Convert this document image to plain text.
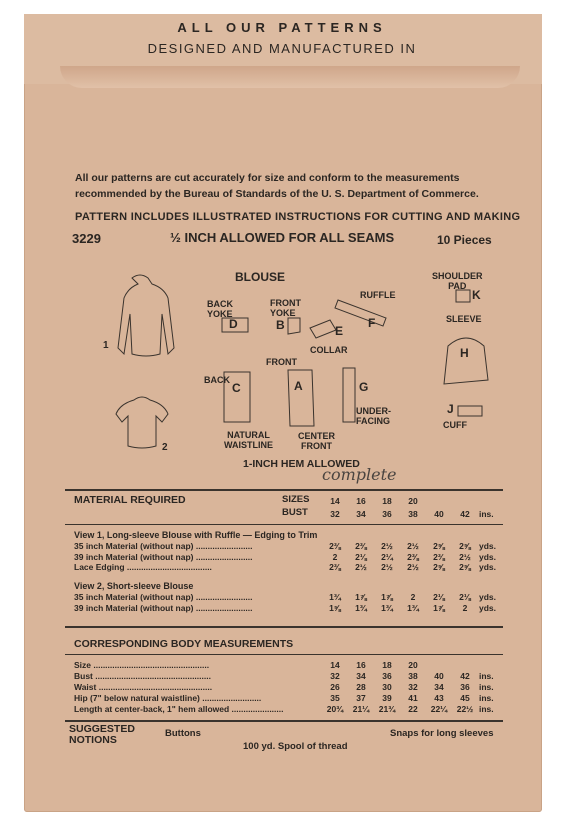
ALL OUR PATTERNS
DESIGNED AND MANUFACTURED IN
All our patterns are cut accurately for size and conform to the measurements
recommended by the Bureau of Standards of the U. S. Department of Commerce.
PATTERN INCLUDES ILLUSTRATED INSTRUCTIONS FOR CUTTING AND MAKING
3229	½ INCH ALLOWED FOR ALL SEAMS	10 Pieces
BLOUSE
1
2
BACK
YOKE
FRONT
YOKE
RUFFLE
COLLAR
SHOULDER
PAD
SLEEVE
FRONT
BACK
UNDER-
FACING
NATURAL
WAISTLINE
CENTER
FRONT
CUFF
D	B	E
F
K
H
C	A	G
J
1-INCH HEM ALLOWED
complete
MATERIAL REQUIRED	SIZES
BUST
14	16	18	20
32	34	36	38	40	42	ins.
View 1, Long-sleeve Blouse with Ruffle — Edging to Trim
35 inch Material (without nap) ........................	2⅜	2⅜	2½	2½	2⅝	2⅝ yds.
39 inch Material (without nap) ........................	2	2⅛	2¼	2⅜	2⅜	2½ yds.
Lace Edging ....................................	2⅜	2½	2½	2½	2⅝	2⅝ yds.
View 2, Short-sleeve Blouse
35 inch Material (without nap) ........................	1¾	1⅞	1⅞	2	2⅛	2⅛ yds.
39 inch Material (without nap) ........................	1⅝	1¾	1¾	1¾	1⅞	2	yds.
CORRESPONDING BODY MEASUREMENTS
Size .................................................	14	16	18	20
Bust .................................................	32	34	36	38	40	42	ins.
Waist ................................................	26	28	30	32	34	36	ins.
Hip (7" below natural waistline) .........................	35	37	39	41	43	45	ins.
Length at center-back, 1" hem allowed ......................	20¾	21¼	21¾	22	22¼	22½ ins.
SUGGESTED
NOTIONS
Buttons	Snaps for long sleeves
100 yd. Spool of thread
